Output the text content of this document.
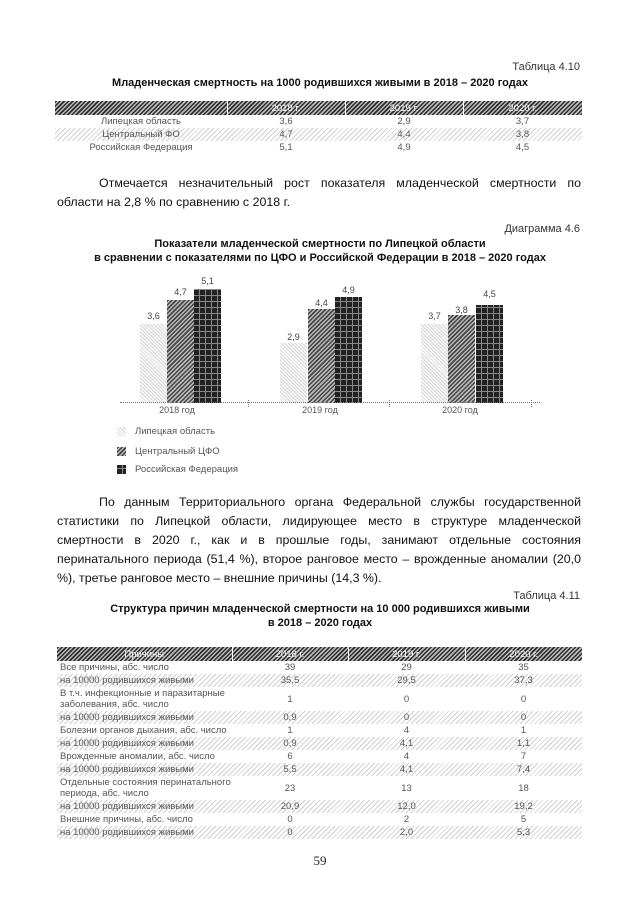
Таблица 4.10
Младенческая смертность на 1000 родившихся живыми в 2018 – 2020 годах
	2018 г.	2019 г.	2020 г.
Липецкая область	3,6	2,9	3,7
Центральный ФО	4,7	4,4	3,8
Российская Федерация	5,1	4,9	4,5
Отмечается незначительный рост показателя младенческой смертности по области на 2,8 % по сравнению с 2018 г.
Диаграмма 4.6
Показатели младенческой смертности по Липецкой области
в сравнении с показателями по ЦФО и Российской Федерации в 2018 – 2020 годах
3,6
4,7
5,1
2,9
4,4
4,9
3,7
3,8
4,5
2018 год	2019 год	2020 год
Липецкая область
Центральный ЦФО
Российская Федерация
По данным Территориального органа Федеральной службы государственной статистики по Липецкой области, лидирующее место в структуре младенческой смертности в 2020 г., как и в прошлые годы, занимают отдельные состояния перинатального периода (51,4 %), второе ранговое место – врожденные аномалии (20,0 %), третье ранговое место – внешние причины (14,3 %).
Таблица 4.11
Структура причин младенческой смертности на 10 000 родившихся живыми
в 2018 – 2020 годах
Причины	2018 г.	2019 г.	2020 г.
Все причины, абс. число	39	29	35
на 10000 родившихся живыми	35,5	29,5	37,3
В т.ч. инфекционные и паразитарные заболевания, абс. число	1	0	0
на 10000 родившихся живыми	0,9	0	0
Болезни органов дыхания, абс. число	1	4	1
на 10000 родившихся живыми	0,9	4,1	1,1
Врожденные аномалии, абс. число	6	4	7
на 10000 родившихся живыми	5,5	4,1	7,4
Отдельные состояния перинатального периода, абс. число	23	13	18
на 10000 родившихся живыми	20,9	12,0	19,2
Внешние причины, абс. число	0	2	5
на 10000 родившихся живыми	0	2,0	5,3
59
